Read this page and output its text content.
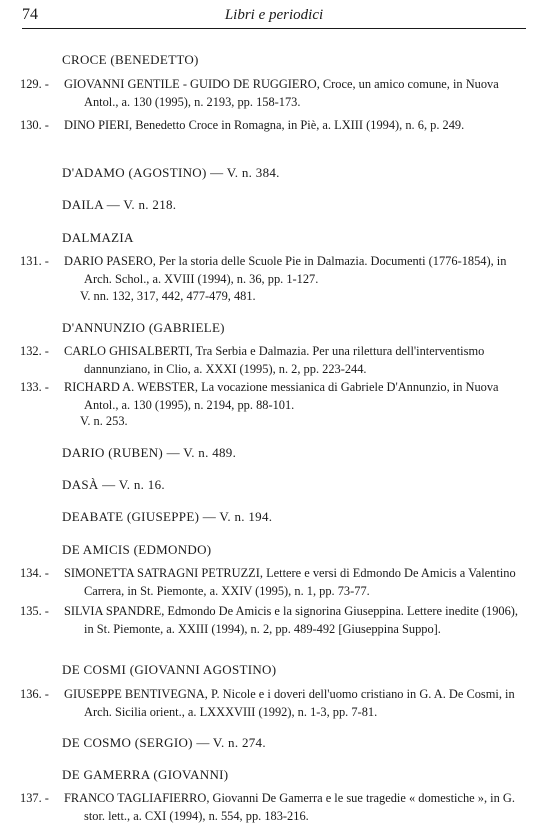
74	Libri e periodici
CROCE (BENEDETTO)
129. -	GIOVANNI GENTILE - GUIDO DE RUGGIERO, Croce, un amico comune, in Nuova Antol., a. 130 (1995), n. 2193, pp. 158-173.
130. -	DINO PIERI, Benedetto Croce in Romagna, in Piè, a. LXIII (1994), n. 6, p. 249.
D'ADAMO (AGOSTINO) — V. n. 384.
DAILA — V. n. 218.
DALMAZIA
131. -	DARIO PASERO, Per la storia delle Scuole Pie in Dalmazia. Documenti (1776-1854), in Arch. Schol., a. XVIII (1994), n. 36, pp. 1-127.
V. nn. 132, 317, 442, 477-479, 481.
D'ANNUNZIO (GABRIELE)
132. -	CARLO GHISALBERTI, Tra Serbia e Dalmazia. Per una rilettura dell'interventismo dannunziano, in Clio, a. XXXI (1995), n. 2, pp. 223-244.
133. -	RICHARD A. WEBSTER, La vocazione messianica di Gabriele D'Annunzio, in Nuova Antol., a. 130 (1995), n. 2194, pp. 88-101.
V. n. 253.
DARIO (RUBEN) — V. n. 489.
DASÀ — V. n. 16.
DEABATE (GIUSEPPE) — V. n. 194.
DE AMICIS (EDMONDO)
134. -	SIMONETTA SATRAGNI PETRUZZI, Lettere e versi di Edmondo De Amicis a Valentino Carrera, in St. Piemonte, a. XXIV (1995), n. 1, pp. 73-77.
135. -	SILVIA SPANDRE, Edmondo De Amicis e la signorina Giuseppina. Lettere inedite (1906), in St. Piemonte, a. XXIII (1994), n. 2, pp. 489-492 [Giuseppina Suppo].
DE COSMI (GIOVANNI AGOSTINO)
136. -	GIUSEPPE BENTIVEGNA, P. Nicole e i doveri dell'uomo cristiano in G. A. De Cosmi, in Arch. Sicilia orient., a. LXXXVIII (1992), n. 1-3, pp. 7-81.
DE COSMO (SERGIO) — V. n. 274.
DE GAMERRA (GIOVANNI)
137. -	FRANCO TAGLIAFIERRO, Giovanni De Gamerra e le sue tragedie « domestiche », in G. stor. lett., a. CXI (1994), n. 554, pp. 183-216.
